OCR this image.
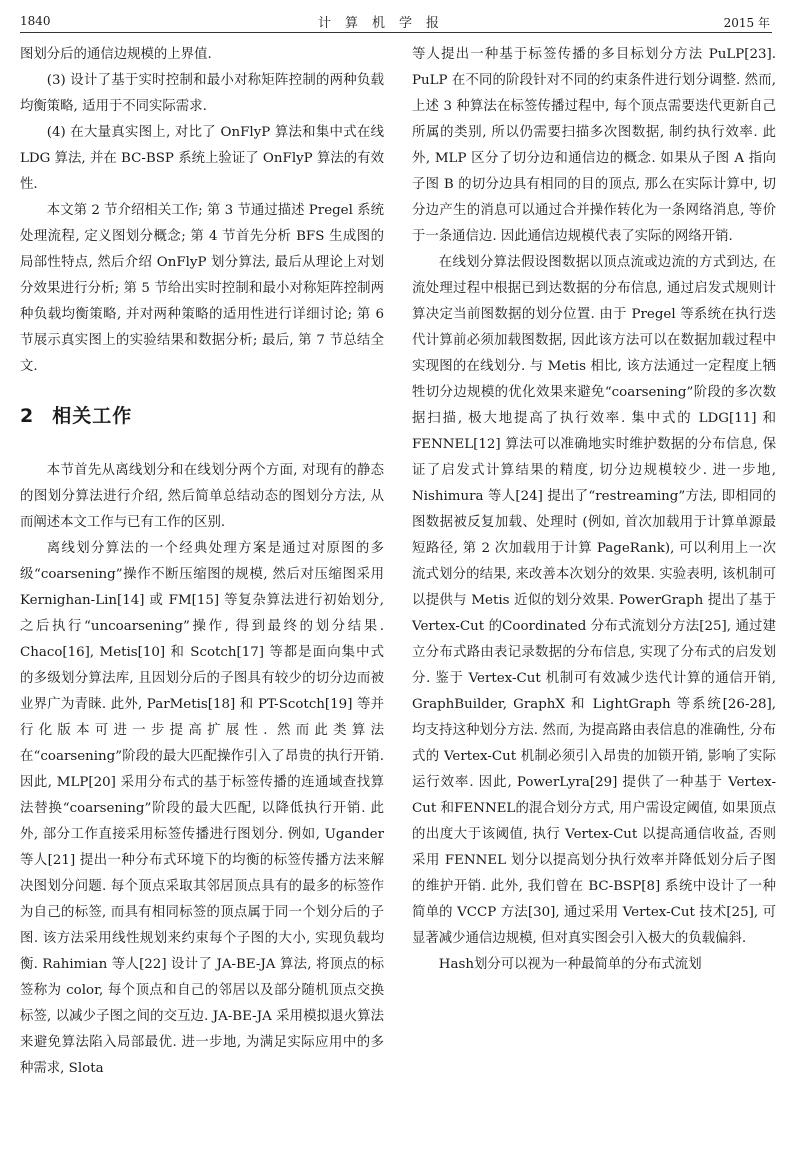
1840	计算机学报	2015 年

图划分后的通信边规模的上界值.

(3) 设计了基于实时控制和最小对称矩阵控制的两种负载均衡策略, 适用于不同实际需求.

(4) 在大量真实图上, 对比了 OnFlyP 算法和集中式在线 LDG 算法, 并在 BC-BSP 系统上验证了 OnFlyP 算法的有效性.

本文第 2 节介绍相关工作; 第 3 节通过描述 Pregel 系统处理流程, 定义图划分概念; 第 4 节首先分析 BFS 生成图的局部性特点, 然后介绍 OnFlyP 划分算法, 最后从理论上对划分效果进行分析; 第 5 节给出实时控制和最小对称矩阵控制两种负载均衡策略, 并对两种策略的适用性进行详细讨论; 第 6 节展示真实图上的实验结果和数据分析; 最后, 第 7 节总结全文.

2 相关工作

本节首先从离线划分和在线划分两个方面, 对现有的静态的图划分算法进行介绍, 然后简单总结动态的图划分方法, 从而阐述本文工作与已有工作的区别.

离线划分算法的一个经典处理方案是通过对原图的多级“coarsening”操作不断压缩图的规模, 然后对压缩图采用 Kernighan-Lin[14] 或 FM[15] 等复杂算法进行初始划分, 之后执行“uncoarsening”操作, 得到最终的划分结果. Chaco[16], Metis[10] 和 Scotch[17] 等都是面向集中式的多级划分算法库, 且因划分后的子图具有较少的切分边而被业界广为青睐. 此外, ParMetis[18] 和 PT-Scotch[19] 等并行化版本可进一步提高扩展性. 然而此类算法在“coarsening”阶段的最大匹配操作引入了昂贵的执行开销. 因此, MLP[20] 采用分布式的基于标签传播的连通域查找算法替换“coarsening”阶段的最大匹配, 以降低执行开销. 此外, 部分工作直接采用标签传播进行图划分. 例如, Ugander 等人[21] 提出一种分布式环境下的均衡的标签传播方法来解决图划分问题. 每个顶点采取其邻居顶点具有的最多的标签作为自己的标签, 而具有相同标签的顶点属于同一个划分后的子图. 该方法采用线性规划来约束每个子图的大小, 实现负载均衡. Rahimian 等人[22] 设计了 JA-BE-JA 算法, 将顶点的标签称为 color, 每个顶点和自己的邻居以及部分随机顶点交换标签, 以减少子图之间的交互边. JA-BE-JA 采用模拟退火算法来避免算法陷入局部最优. 进一步地, 为满足实际应用中的多种需求, Slota

等人提出一种基于标签传播的多目标划分方法 PuLP[23]. PuLP 在不同的阶段针对不同的约束条件进行划分调整. 然而, 上述 3 种算法在标签传播过程中, 每个顶点需要迭代更新自己所属的类别, 所以仍需要扫描多次图数据, 制约执行效率. 此外, MLP 区分了切分边和通信边的概念. 如果从子图 A 指向子图 B 的切分边具有相同的目的顶点, 那么在实际计算中, 切分边产生的消息可以通过合并操作转化为一条网络消息, 等价于一条通信边. 因此通信边规模代表了实际的网络开销.

在线划分算法假设图数据以顶点流或边流的方式到达, 在流处理过程中根据已到达数据的分布信息, 通过启发式规则计算决定当前图数据的划分位置. 由于 Pregel 等系统在执行迭代计算前必须加载图数据, 因此该方法可以在数据加载过程中实现图的在线划分. 与 Metis 相比, 该方法通过一定程度上牺牲切分边规模的优化效果来避免“coarsening”阶段的多次数据扫描, 极大地提高了执行效率. 集中式的 LDG[11] 和 FENNEL[12] 算法可以准确地实时维护数据的分布信息, 保证了启发式计算结果的精度, 切分边规模较少. 进一步地, Nishimura 等人[24] 提出了“restreaming”方法, 即相同的图数据被反复加载、处理时 (例如, 首次加载用于计算单源最短路径, 第 2 次加载用于计算 PageRank), 可以利用上一次流式划分的结果, 来改善本次划分的效果. 实验表明, 该机制可以提供与 Metis 近似的划分效果. PowerGraph 提出了基于 Vertex-Cut 的Coordinated 分布式流划分方法[25], 通过建立分布式路由表记录数据的分布信息, 实现了分布式的启发划分. 鉴于 Vertex-Cut 机制可有效减少迭代计算的通信开销, GraphBuilder, GraphX 和 LightGraph 等系统[26-28], 均支持这种划分方法. 然而, 为提高路由表信息的准确性, 分布式的 Vertex-Cut 机制必须引入昂贵的加锁开销, 影响了实际运行效率. 因此, PowerLyra[29] 提供了一种基于 Vertex-Cut 和FENNEL的混合划分方式, 用户需设定阈值, 如果顶点的出度大于该阈值, 执行 Vertex-Cut 以提高通信收益, 否则采用 FENNEL 划分以提高划分执行效率并降低划分后子图的维护开销. 此外, 我们曾在 BC-BSP[8] 系统中设计了一种简单的 VCCP 方法[30], 通过采用 Vertex-Cut 技术[25], 可显著减少通信边规模, 但对真实图会引入极大的负载偏斜.

Hash划分可以视为一种最简单的分布式流划
